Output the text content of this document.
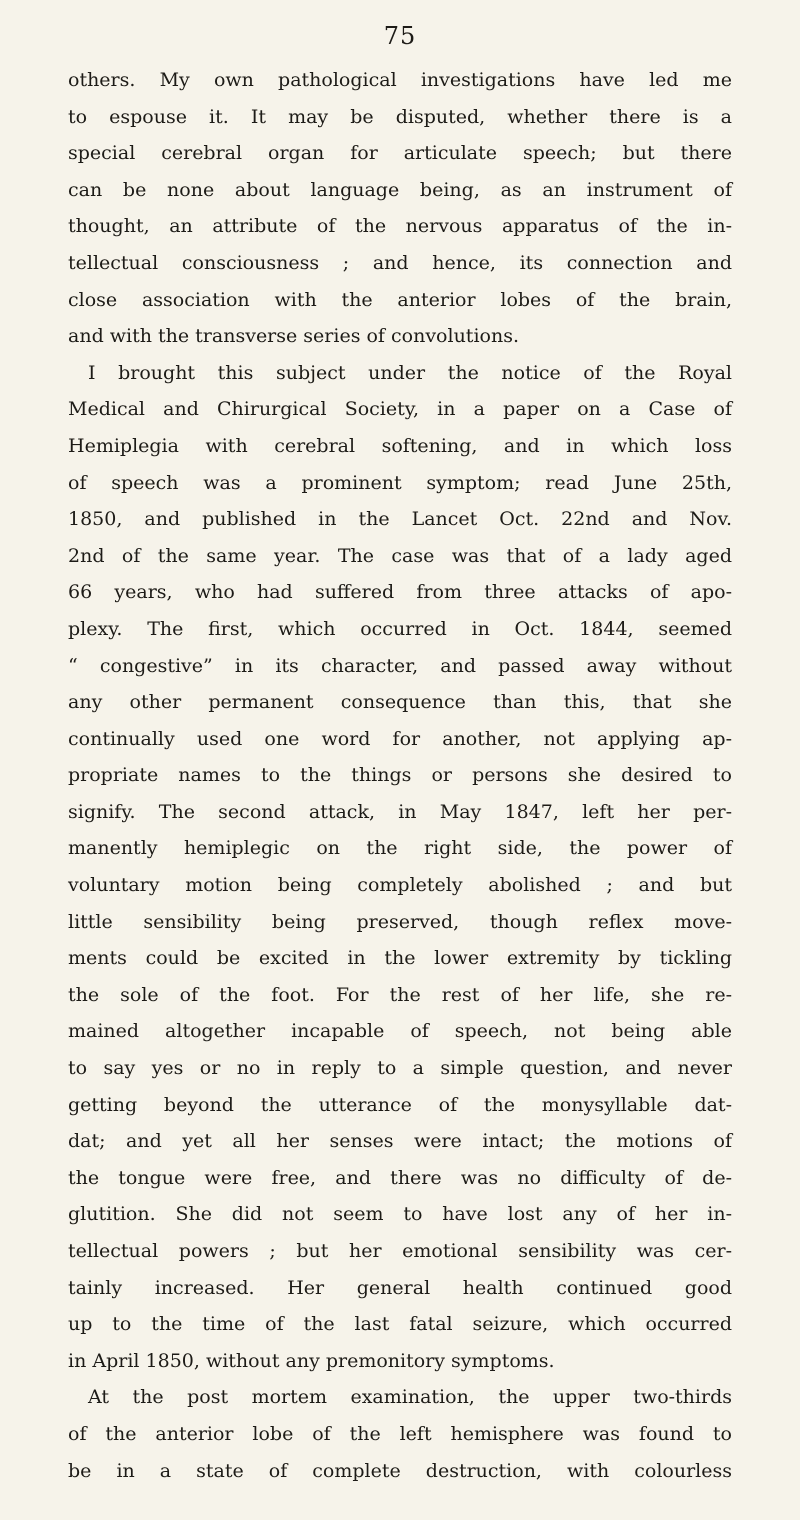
75
others. My own pathological investigations have led me
to espouse it. It may be disputed, whether there is a
special cerebral organ for articulate speech; but there
can be none about language being, as an instrument of
thought, an attribute of the nervous apparatus of the in-
tellectual consciousness ; and hence, its connection and
close association with the anterior lobes of the brain,
and with the transverse series of convolutions.
I brought this subject under the notice of the Royal
Medical and Chirurgical Society, in a paper on a Case of
Hemiplegia with cerebral softening, and in which loss
of speech was a prominent symptom; read June 25th,
1850, and published in the Lancet Oct. 22nd and Nov.
2nd of the same year. The case was that of a lady aged
66 years, who had suffered from three attacks of apo-
plexy. The first, which occurred in Oct. 1844, seemed
“ congestive” in its character, and passed away without
any other permanent consequence than this, that she
continually used one word for another, not applying ap-
propriate names to the things or persons she desired to
signify. The second attack, in May 1847, left her per-
manently hemiplegic on the right side, the power of
voluntary motion being completely abolished ; and but
little sensibility being preserved, though reflex move-
ments could be excited in the lower extremity by tickling
the sole of the foot. For the rest of her life, she re-
mained altogether incapable of speech, not being able
to say yes or no in reply to a simple question, and never
getting beyond the utterance of the monysyllable dat-
dat; and yet all her senses were intact; the motions of
the tongue were free, and there was no difficulty of de-
glutition. She did not seem to have lost any of her in-
tellectual powers ; but her emotional sensibility was cer-
tainly increased. Her general health continued good
up to the time of the last fatal seizure, which occurred
in April 1850, without any premonitory symptoms.
At the post mortem examination, the upper two-thirds
of the anterior lobe of the left hemisphere was found to
be in a state of complete destruction, with colourless
